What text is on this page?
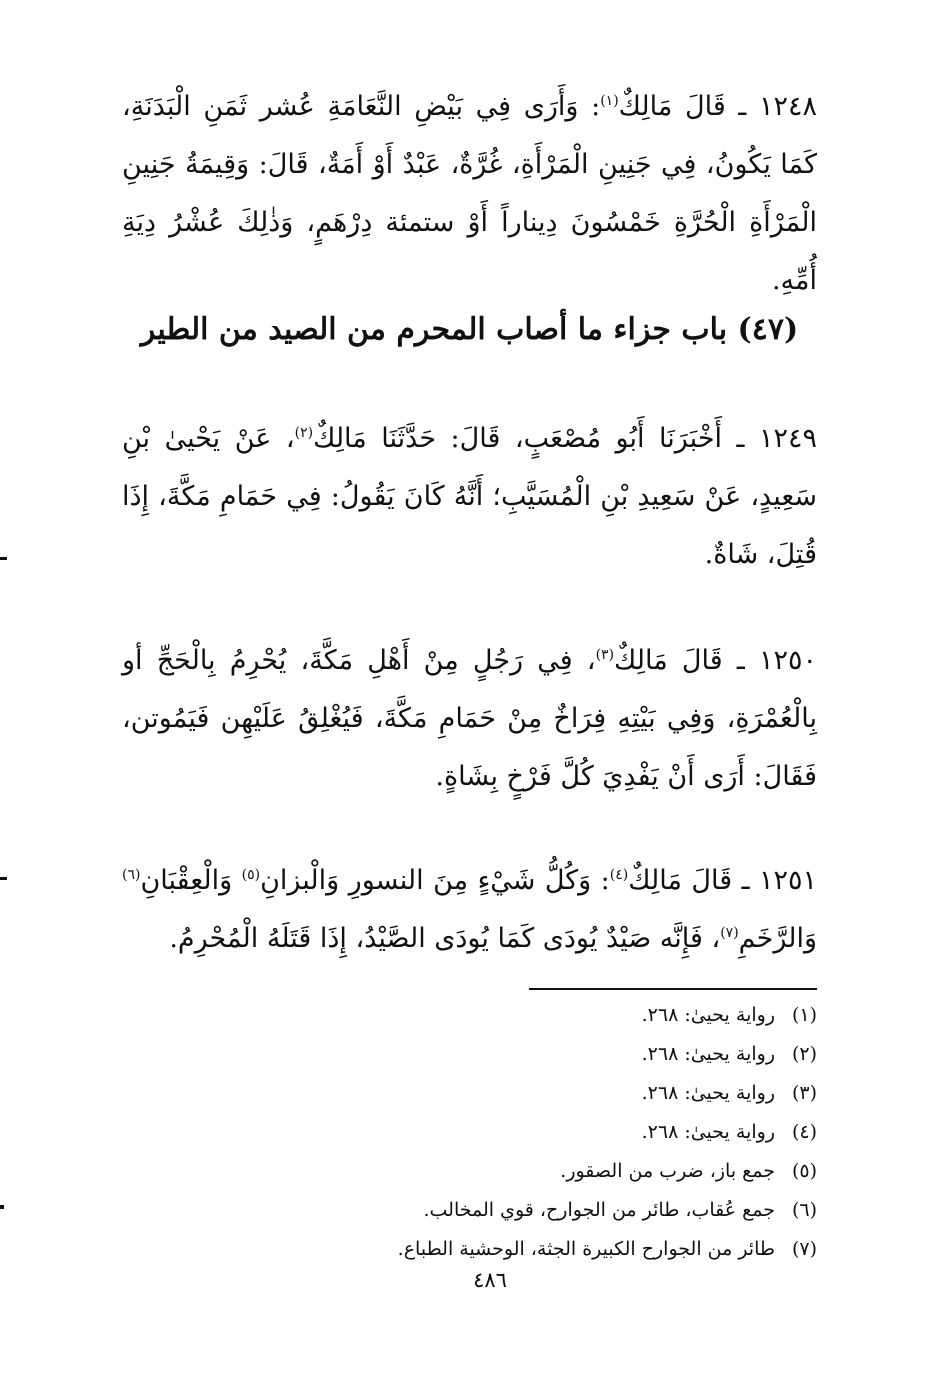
١٢٤٨ ـ قَالَ مَالِكٌ$^{(١)}$: وَأَرَى فِي بَيْضِ النَّعَامَةِ عُشر ثَمَنِ الْبَدَنَةِ، كَمَا يَكُونُ، فِي جَنِينِ الْمَرْأَةِ، غُرَّةٌ، عَبْدٌ أَوْ أَمَةٌ، قَالَ: وَقِيمَةُ جَنِينِ الْمَرْأَةِ الْحُرَّةِ خَمْسُونَ دِيناراً أَوْ ستمئة دِرْهَمٍ، وَذٰلِكَ عُشْرُ دِيَةِ أُمِّهِ.

(٤٧) باب جزاء ما أصاب المحرم من الصيد من الطير

١٢٤٩ ـ أَخْبَرَنَا أَبُو مُصْعَبٍ، قَالَ: حَدَّثَنَا مَالِكٌ$^{(٢)}$، عَنْ يَحْيىٰ بْنِ سَعِيدٍ، عَنْ سَعِيدِ بْنِ الْمُسَيَّبِ؛ أَنَّهُ كَانَ يَقُولُ: فِي حَمَامِ مَكَّةَ، إِذَا قُتِلَ، شَاةٌ.

١٢٥٠ ـ قَالَ مَالِكٌ$^{(٣)}$، فِي رَجُلٍ مِنْ أَهْلِ مَكَّةَ، يُحْرِمُ بِالْحَجِّ أو بِالْعُمْرَةِ، وَفِي بَيْتِهِ فِرَاخٌ مِنْ حَمَامِ مَكَّةَ، فَيُغْلِقُ عَلَيْهِن فَيَمُوتن، فَقَالَ: أَرَى أَنْ يَفْدِيَ كُلَّ فَرْخٍ بِشَاةٍ.

١٢٥١ ـ قَالَ مَالِكٌ$^{(٤)}$: وَكُلُّ شَيْءٍ مِنَ النسورِ وَالْبزانِ$^{(٥)}$ وَالْعِقْبَانِ$^{(٦)}$ وَالرَّخَمِ$^{(٧)}$، فَإِنَّه صَيْدٌ يُودَى كَمَا يُودَى الصَّيْدُ، إِذَا قَتَلَهُ الْمُحْرِمُ.

(١)رواية يحيىٰ: ٢٦٨.
(٢)رواية يحيىٰ: ٢٦٨.
(٣)رواية يحيىٰ: ٢٦٨.
(٤)رواية يحيىٰ: ٢٦٨.
(٥)جمع باز، ضرب من الصقور.
(٦)جمع عُقاب، طائر من الجوارح، قوي المخالب.
(٧)طائر من الجوارح الكبيرة الجثة، الوحشية الطباع.
٤٨٦
